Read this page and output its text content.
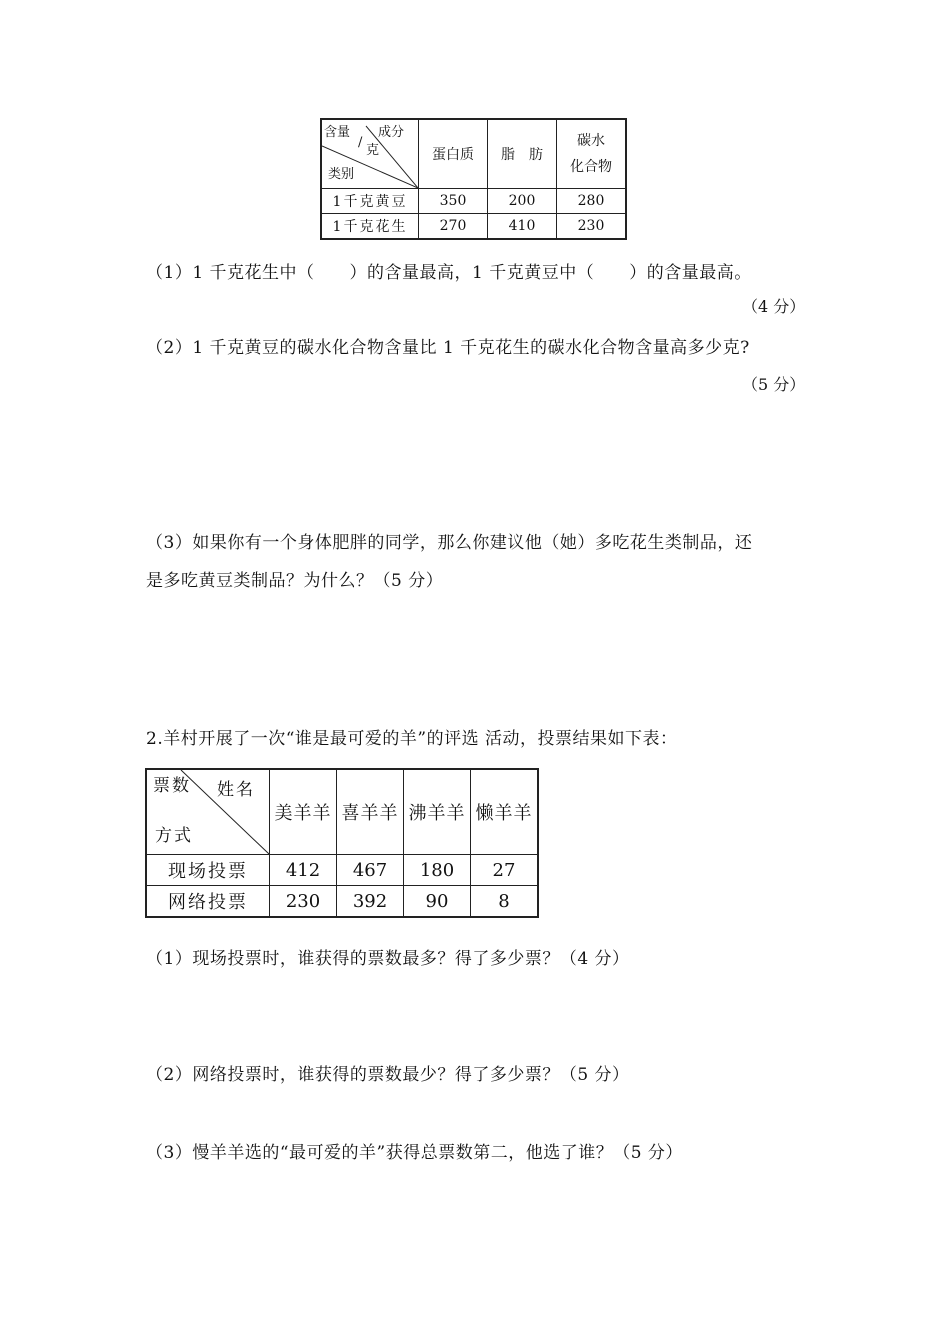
成分
含量
/
克
类别	蛋白质	脂　肪	碳水
化合物

1千克黄豆	350	200	280
1千克花生	270	410	230
（1）1 千克花生中（　　）的含量最高，1 千克黄豆中（　　）的含量最高。
（4 分）
（2）1 千克黄豆的碳水化合物含量比 1 千克花生的碳水化合物含量高多少克?
（5 分）
（3）如果你有一个身体肥胖的同学，那么你建议他（她）多吃花生类制品，还
是多吃黄豆类制品？为什么？（5 分）
2.羊村开展了一次“谁是最可爱的羊”的评选 活动，投票结果如下表：
票数 姓名
方式	美羊羊	喜羊羊	沸羊羊	懒羊羊
现场投票	412	467	180	27
网络投票	230	392	90	8
（1）现场投票时，谁获得的票数最多？得了多少票？（4 分）
（2）网络投票时，谁获得的票数最少？得了多少票？（5 分）
（3）慢羊羊选的“最可爱的羊”获得总票数第二，他选了谁？（5 分）
